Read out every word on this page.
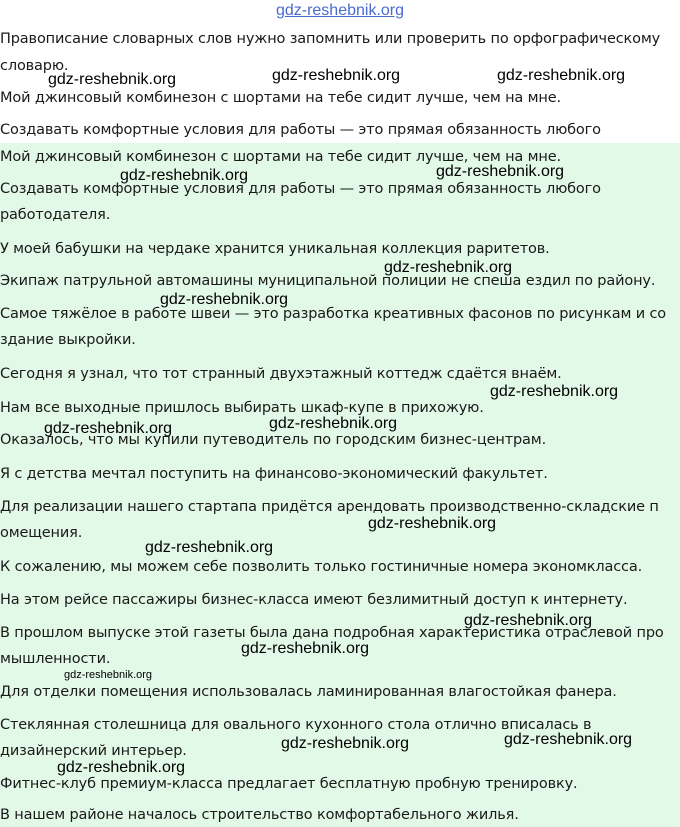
gdz-reshebnik.org
Правописание словарных слов нужно запомнить или проверить по орфографическому
словарю.
Мой джинсовый комбинезон с шортами на тебе сидит лучше, чем на мне.
Создавать комфортные условия для работы — это прямая обязанность любого
Мой джинсовый комбинезон с шортами на тебе сидит лучше, чем на мне.
Создавать комфортные условия для работы — это прямая обязанность любого
работодателя.
У моей бабушки на чердаке хранится уникальная коллекция раритетов.
Экипаж патрульной автомашины муниципальной полиции не спеша ездил по району.
Самое тяжёлое в работе швеи — это разработка креативных фасонов по рисункам и со
здание выкройки.
Сегодня я узнал, что тот странный двухэтажный коттедж сдаётся внаём.
Нам все выходные пришлось выбирать шкаф-купе в прихожую.
Оказалось, что мы купили путеводитель по городским бизнес-центрам.
Я с детства мечтал поступить на финансово-экономический факультет.
Для реализации нашего стартапа придётся арендовать производственно-складские п
омещения.
К сожалению, мы можем себе позволить только гостиничные номера экономкласса.
На этом рейсе пассажиры бизнес-класса имеют безлимитный доступ к интернету.
В прошлом выпуске этой газеты была дана подробная характеристика отраслевой про
мышленности.
Для отделки помещения использовалась ламинированная влагостойкая фанера.
Стеклянная столешница для овального кухонного стола отлично вписалась в
дизайнерский интерьер.
Фитнес-клуб премиум-класса предлагает бесплатную пробную тренировку.
В нашем районе началось строительство комфортабельного жилья.
gdz-reshebnik.org	gdz-reshebnik.org	gdz-reshebnik.org
gdz-reshebnik.org	gdz-reshebnik.org
gdz-reshebnik.org
gdz-reshebnik.org
gdz-reshebnik.org
gdz-reshebnik.org
gdz-reshebnik.org
gdz-reshebnik.org
gdz-reshebnik.org
gdz-reshebnik.org
gdz-reshebnik.org
gdz-reshebnik.org
gdz-reshebnik.org	gdz-reshebnik.org
gdz-reshebnik.org
